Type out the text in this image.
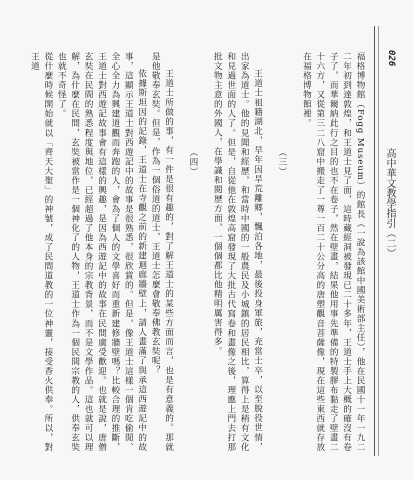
026
高中華文教學指引（二）

福格博物館（Fogg Museum）的館長（一說為該館中國美術部主任），他在民國十一年一九二二年初到達敦煌，和王道士見了面，這時藏經洞被發現已二十多年，王道士手上大概的確沒有卷子了，而華爾納此行之目的也不在卷子，然在壁畫，結果他用事先準備的特製膠布黏走了壁畫二十六方，又從第三二八窟中搬走了一尊一百二十公分高的唐塑觀音菩薩像，現在這些東西就存放在福格博物館裡。

（三）

王道士祖籍湖北，早年因旱荒離鄉，飄泊各地，最後投身軍旅，充當士卒，以至脫役世情，出家為道士。他的見聞和經歷，和當時中國的一般農民及小城鎮的居民相比，算得上是稍有文化和見過世面的人了。但是，自從他在敦煌高窟發現了大批古代寫卷和畫像之後，理應上門去打那批文物主意的外國人，在學識和閱歷方面，一個個都比他精明厲害得多。

（四）

王道士所做的事，有一件是很有趣的，對了解王道士的某些方面而言，也是有意義的。那就是他敬奉玄奘。但是，作為一個俗道的道士，王道士怎麼會敬奉佛教玄奘呢？

依據斯坦因的記錄，王道士在寺觀之前的新建迴廊牆壁上，請人畫滿了與承這西遊記中的故事，這顯示王道士對西遊記中的故事是很熟悉，很欣賞的。但是，像王道士這樣一個肯吃偷閒、全心全力為興建道觀而奔跑的人，會為了個人的文學喜好而重新建修牆壁嗎？比較合理的推斷，王道士對西遊記故事會有這樣的興趣，是因為西遊記中的故事在民間廣受歡迎。也就是說，唐僧玄奘在民間的熟悉程度與地位，已經超過了他本身的宗教背景，而不是文學作品。這也就可以理解，為什麼在民間，玄奘被當作是一個神化了的人物，王道士作為一個民間宗教的人，供奉玄奘也就不奇怪了。

從什麼時候開始就以「齊天大聖」的神號，成了民間道教的一位神靈，接受香火供奉。所以，對王道
